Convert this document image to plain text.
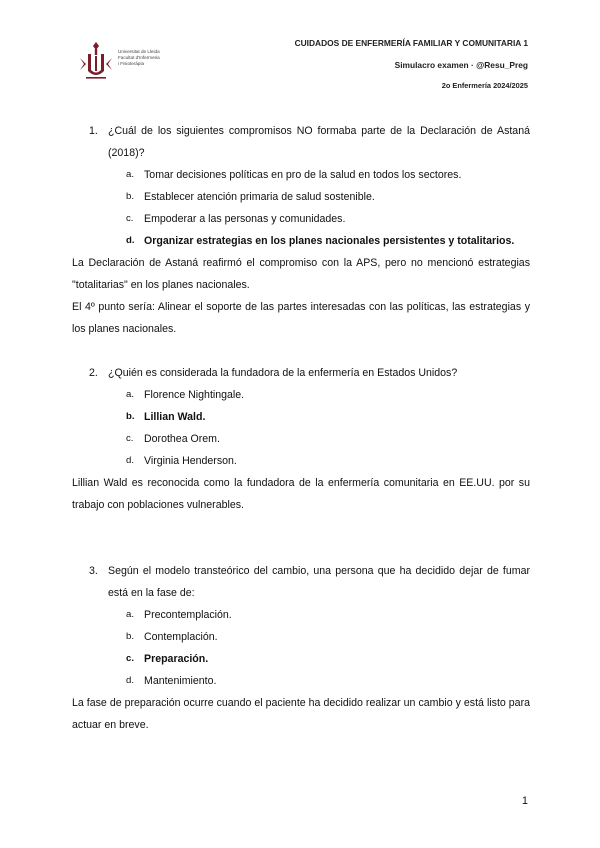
Universitat de Lleida
Facultat d'Infermeria
i Fisioteràpia
CUIDADOS DE ENFERMERÍA FAMILIAR Y COMUNITARIA 1
Simulacro examen · @Resu_Preg
2o Enfermería 2024/2025
1. ¿Cuál de los siguientes compromisos NO formaba parte de la Declaración de Astaná (2018)?
a. Tomar decisiones políticas en pro de la salud en todos los sectores.
b. Establecer atención primaria de salud sostenible.
c. Empoderar a las personas y comunidades.
d. Organizar estrategias en los planes nacionales persistentes y totalitarios.

La Declaración de Astaná reafirmó el compromiso con la APS, pero no mencionó estrategias "totalitarias" en los planes nacionales.

El 4º punto sería: Alinear el soporte de las partes interesadas con las políticas, las estrategias y los planes nacionales.

2. ¿Quién es considerada la fundadora de la enfermería en Estados Unidos?
a. Florence Nightingale.
b. Lillian Wald.
c. Dorothea Orem.
d. Virginia Henderson.

Lillian Wald es reconocida como la fundadora de la enfermería comunitaria en EE.UU. por su trabajo con poblaciones vulnerables.

3. Según el modelo transteórico del cambio, una persona que ha decidido dejar de fumar está en la fase de:
a. Precontemplación.
b. Contemplación.
c. Preparación.
d. Mantenimiento.

La fase de preparación ocurre cuando el paciente ha decidido realizar un cambio y está listo para actuar en breve.

1
